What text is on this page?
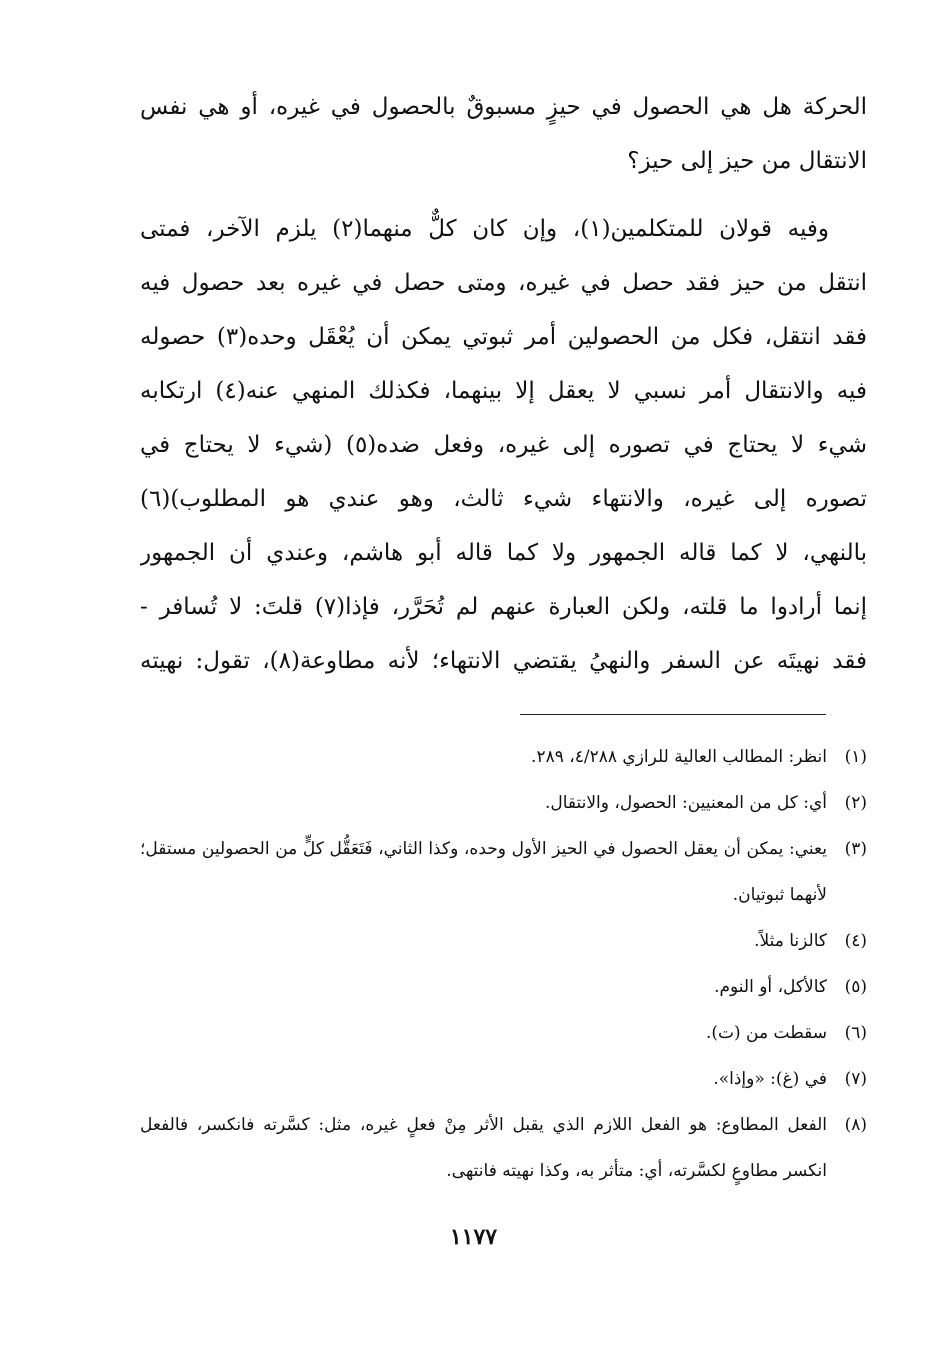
الحركة هل هي الحصول في حيزٍ مسبوقٌ بالحصول في غيره، أو هي نفس
الانتقال من حيز إلى حيز؟
وفيه قولان للمتكلمين(١)، وإن كان كلٌّ منهما(٢) يلزم الآخر، فمتى
انتقل من حيز فقد حصل في غيره، ومتى حصل في غيره بعد حصول فيه
فقد انتقل، فكل من الحصولين أمر ثبوتي يمكن أن يُعْقَل وحده(٣) حصوله
فيه والانتقال أمر نسبي لا يعقل إلا بينهما، فكذلك المنهي عنه(٤) ارتكابه
شيء لا يحتاج في تصوره إلى غيره، وفعل ضده(٥) (شيء لا يحتاج في
تصوره إلى غيره، والانتهاء شيء ثالث، وهو عندي هو المطلوب)(٦)
بالنهي، لا كما قاله الجمهور ولا كما قاله أبو هاشم، وعندي أن الجمهور
إنما أرادوا ما قلته، ولكن العبارة عنهم لم تُحَرَّر، فإذا(٧) قلتَ: لا تُسافر -
فقد نهيتَه عن السفر والنهيُ يقتضي الانتهاء؛ لأنه مطاوعة(٨)، تقول: نهيته
(١)
انظر: المطالب العالية للرازي ٤/٢٨٨، ٢٨٩.
(٢)
أي: كل من المعنيين: الحصول، والانتقال.
(٣)
يعني: يمكن أن يعقل الحصول في الحيز الأول وحده، وكذا الثاني، فَتَعَقُّل كلٍّ من الحصولين مستقل؛ لأنهما ثبوتيان.
(٤)
كالزنا مثلاً.
(٥)
كالأكل، أو النوم.
(٦)
سقطت من (ت).
(٧)
في (غ): «وإذا».
(٨)
الفعل المطاوع: هو الفعل اللازم الذي يقبل الأثر مِنْ فعلٍ غيره، مثل: كسَّرته فانكسر، فالفعل انكسر مطاوعٍ لكسَّرته، أي: متأثر به، وكذا نهيته فانتهى.
١١٧٧
